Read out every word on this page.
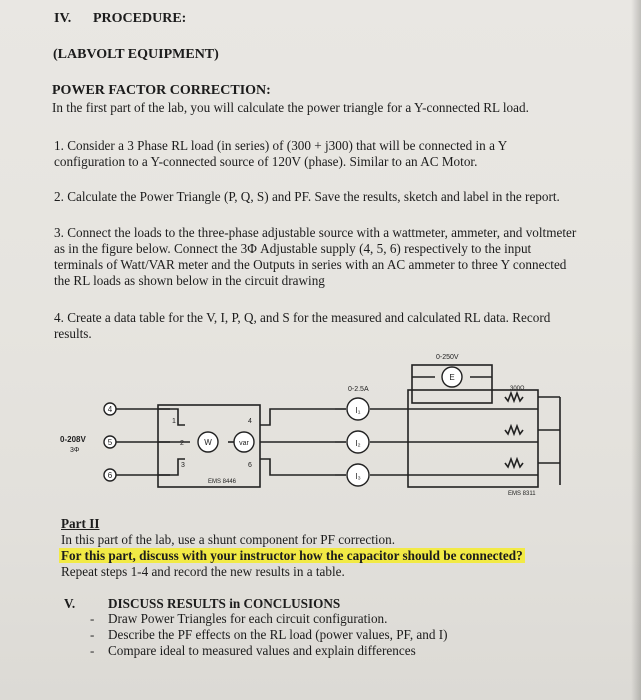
IV. PROCEDURE:
(LABVOLT EQUIPMENT)
POWER FACTOR CORRECTION:
In the first part of the lab, you will calculate the power triangle for a Y-connected RL load.
1. Consider a 3 Phase RL load (in series) of (300 + j300) that will be connected in a Y
configuration to a Y-connected source of 120V (phase). Similar to an AC Motor.
2. Calculate the Power Triangle (P, Q, S) and PF. Save the results, sketch and label in the report.
3. Connect the loads to the three-phase adjustable source with a wattmeter, ammeter, and voltmeter
as in the figure below. Connect the 3Φ Adjustable supply (4, 5, 6) respectively to the input
terminals of Watt/VAR meter and the Outputs in series with an AC ammeter to three Y connected
the RL loads as shown below in the circuit drawing
4. Create a data table for the V, I, P, Q, and S for the measured and calculated RL data. Record
results.
4
5
6
0-208V
3Φ
1
2
3
4
6
W	var
EMS 8446
0-2.5A
I₁
I₂
I₃
0-250V
E
300Ω
EMS 8311
Part II
In this part of the lab, use a shunt component for PF correction.
For this part, discuss with your instructor how the capacitor should be connected?
Repeat steps 1-4 and record the new results in a table.
V. DISCUSS RESULTS in CONCLUSIONS
- Draw Power Triangles for each circuit configuration.
- Describe the PF effects on the RL load (power values, PF, and I)
- Compare ideal to measured values and explain differences
